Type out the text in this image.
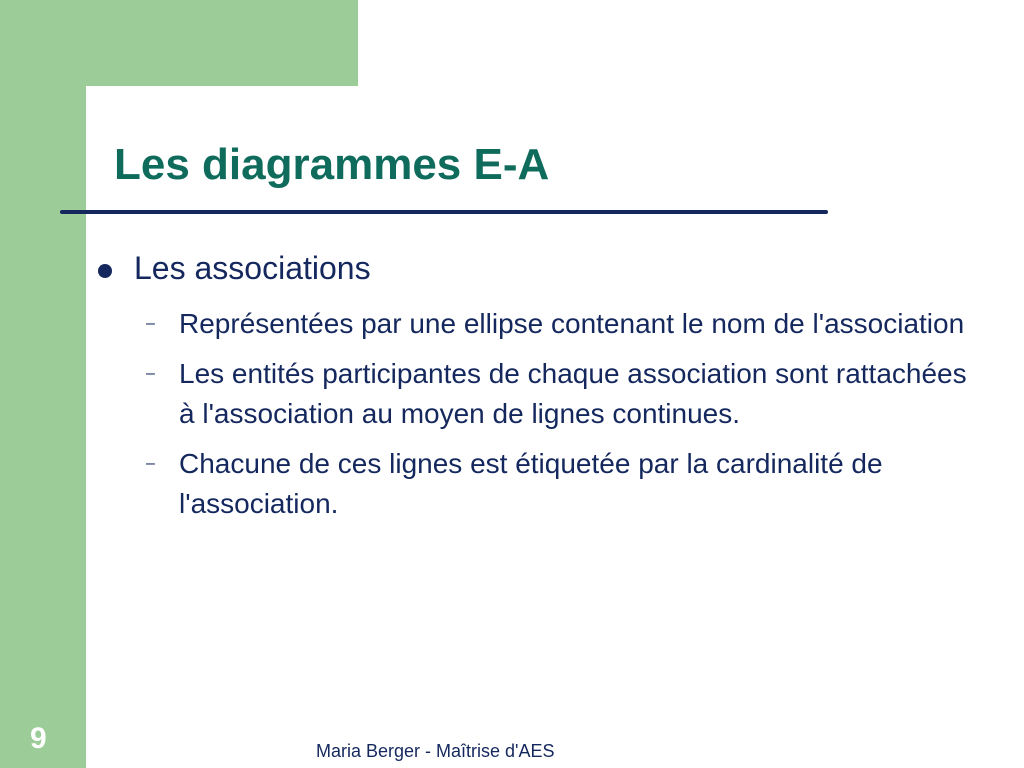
Les diagrammes E-A
Les associations
– Représentées par une ellipse contenant le nom de l'association
– Les entités participantes de chaque association sont rattachées à l'association au moyen de lignes continues.
– Chacune de ces lignes est étiquetée par la cardinalité de l'association.
9	Maria Berger - Maîtrise d'AES
